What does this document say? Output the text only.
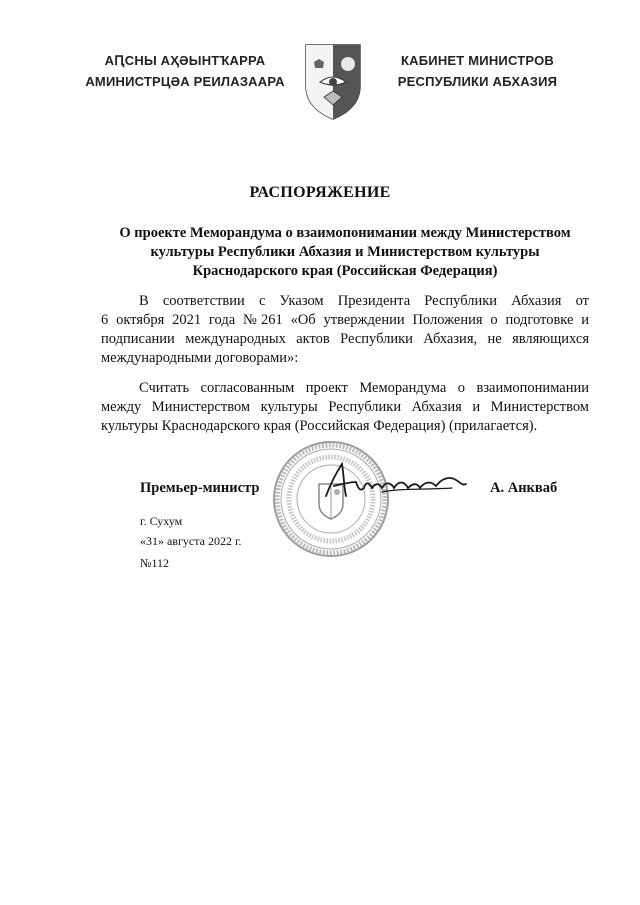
АԤСНЫ АҲӘЫНТҠАРРА
АМИНИСТРЦӘА РЕИЛАЗААРА
КАБИНЕТ МИНИСТРОВ
РЕСПУБЛИКИ АБХАЗИЯ
РАСПОРЯЖЕНИЕ
О проекте Меморандума о взаимопонимании между Министерством
культуры Республики Абхазия и Министерством культуры
Краснодарского края (Российская Федерация)
В соответствии с Указом Президента Республики Абхазия от
6 октября 2021 года №261 «Об утверждении Положения о подготовке и
подписании международных актов Республики Абхазия, не являющихся
международными договорами»:
Считать согласованным проект Меморандума о взаимопонимании
между Министерством культуры Республики Абхазия и Министерством
культуры Краснодарского края (Российская Федерация) (прилагается).
Премьер-министр	А. Анкваб
г. Сухум
«31» августа 2022 г.
№112
